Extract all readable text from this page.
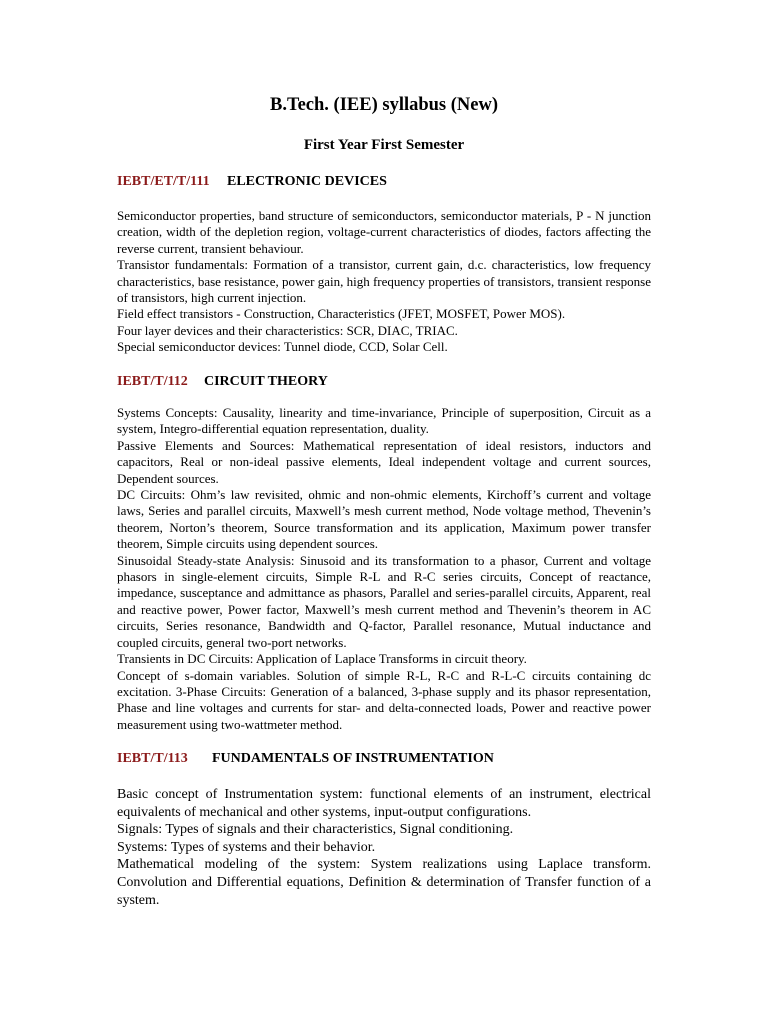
B.Tech. (IEE) syllabus (New)
First Year First Semester
IEBT/ET/T/111 ELECTRONIC DEVICES

Semiconductor properties, band structure of semiconductors, semiconductor materials, P - N junction creation, width of the depletion region, voltage-current characteristics of diodes, factors affecting the reverse current, transient behaviour.

Transistor fundamentals: Formation of a transistor, current gain, d.c. characteristics, low frequency characteristics, base resistance, power gain, high frequency properties of transistors, transient response of transistors, high current injection.

Field effect transistors - Construction, Characteristics (JFET, MOSFET, Power MOS).

Four layer devices and their characteristics: SCR, DIAC, TRIAC.

Special semiconductor devices: Tunnel diode, CCD, Solar Cell.

IEBT/T/112 CIRCUIT THEORY

Systems Concepts: Causality, linearity and time-invariance, Principle of superposition, Circuit as a system, Integro-differential equation representation, duality.

Passive Elements and Sources: Mathematical representation of ideal resistors, inductors and capacitors, Real or non-ideal passive elements, Ideal independent voltage and current sources, Dependent sources.

DC Circuits: Ohm’s law revisited, ohmic and non-ohmic elements, Kirchoff’s current and voltage laws, Series and parallel circuits, Maxwell’s mesh current method, Node voltage method, Thevenin’s theorem, Norton’s theorem, Source transformation and its application, Maximum power transfer theorem, Simple circuits using dependent sources.

Sinusoidal Steady-state Analysis: Sinusoid and its transformation to a phasor, Current and voltage phasors in single-element circuits, Simple R-L and R-C series circuits, Concept of reactance, impedance, susceptance and admittance as phasors, Parallel and series-parallel circuits, Apparent, real and reactive power, Power factor, Maxwell’s mesh current method and Thevenin’s theorem in AC circuits, Series resonance, Bandwidth and Q-factor, Parallel resonance, Mutual inductance and coupled circuits, general two-port networks.

Transients in DC Circuits: Application of Laplace Transforms in circuit theory.

Concept of s-domain variables. Solution of simple R-L, R-C and R-L-C circuits containing dc excitation. 3-Phase Circuits: Generation of a balanced, 3-phase supply and its phasor representation, Phase and line voltages and currents for star- and delta-connected loads, Power and reactive power measurement using two-wattmeter method.

IEBT/T/113 FUNDAMENTALS OF INSTRUMENTATION

Basic concept of Instrumentation system: functional elements of an instrument, electrical equivalents of mechanical and other systems, input-output configurations.

Signals: Types of signals and their characteristics, Signal conditioning.

Systems: Types of systems and their behavior.

Mathematical modeling of the system: System realizations using Laplace transform. Convolution and Differential equations, Definition & determination of Transfer function of a system.
